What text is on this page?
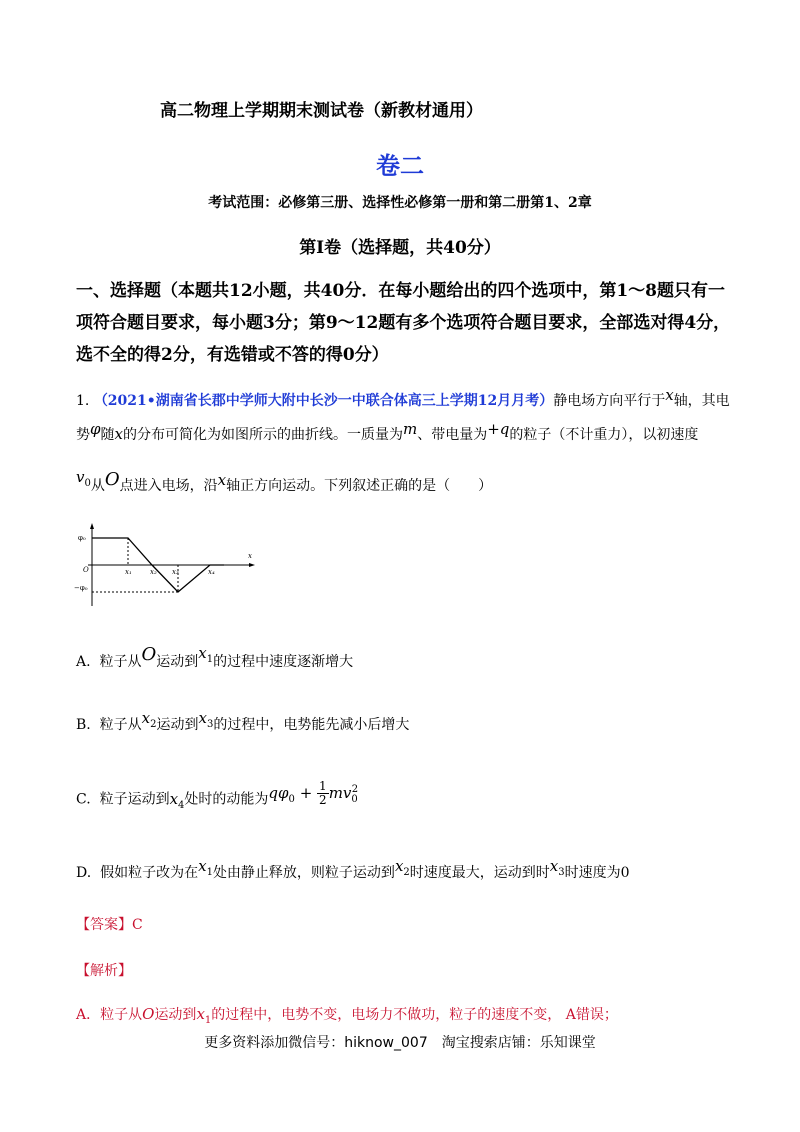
高二物理上学期期末测试卷（新教材通用）
卷二
考试范围：必修第三册、选择性必修第一册和第二册第1、2章
第Ⅰ卷（选择题，共40分）
一、选择题（本题共12小题，共40分．在每小题给出的四个选项中，第1～8题只有一项符合题目要求，每小题3分；第9～12题有多个选项符合题目要求，全部选对得4分，选不全的得2分，有选错或不答的得0分）
1. （2021•湖南省长郡中学师大附中长沙一中联合体高三上学期12月月考）静电场方向平行于x轴，其电
势φ随x的分布可简化为如图所示的曲折线。一质量为m、带电量为+q的粒子（不计重力），以初速度
$v_0$从O点进入电场，沿x轴正方向运动。下列叙述正确的是（　　）
x
φ₀
−φ₀
O	x₁	x₂ x₃	x₄
A. 粒子从O运动到$x_1$的过程中速度逐渐增大
B. 粒子从$x_2$运动到$x_3$的过程中，电势能先减小后增大
C. 粒子运动到$x_4$处时的动能为$q\varphi_0 + \frac{1}{2} mv_0^2$
D. 假如粒子改为在$x_1$处由静止释放，则粒子运动到$x_2$时速度最大，运动到时$x_3$时速度为0
【答案】C
【解析】
A．粒子从O运动到$x_1$的过程中，电势不变，电场力不做功，粒子的速度不变， A错误；
更多资料添加微信号：hiknow_007　淘宝搜索店铺：乐知课堂
